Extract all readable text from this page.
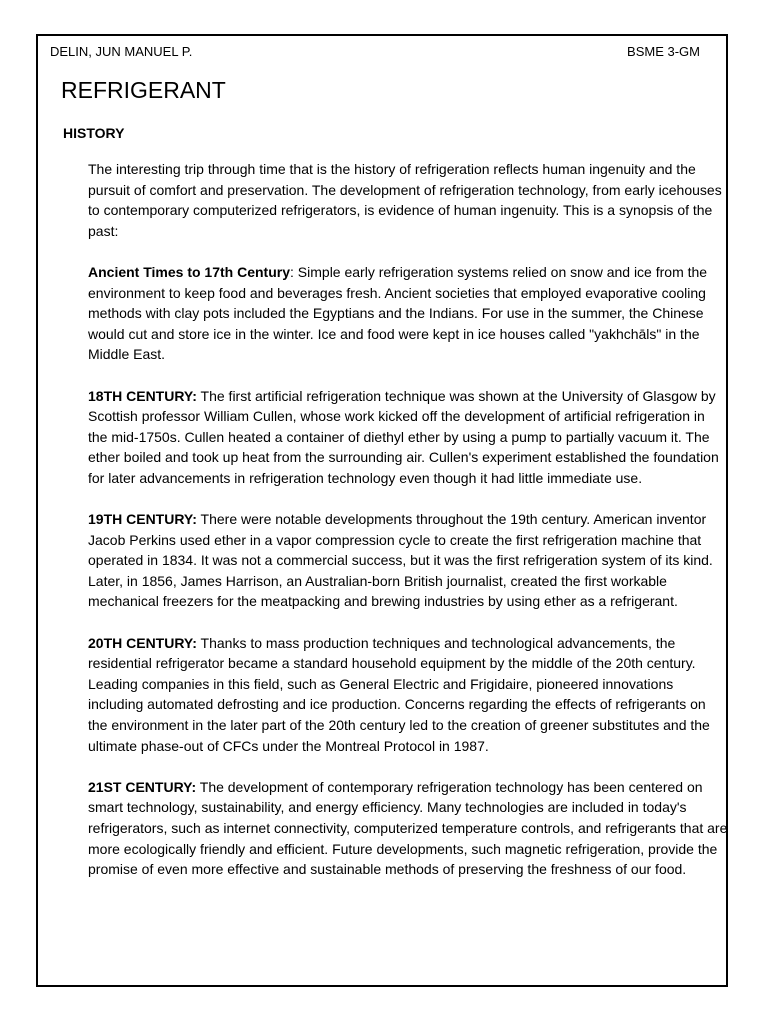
DELIN, JUN MANUEL P.	BSME 3-GM
REFRIGERANT
HISTORY

The interesting trip through time that is the history of refrigeration reflects human ingenuity and the pursuit of comfort and preservation. The development of refrigeration technology, from early icehouses to contemporary computerized refrigerators, is evidence of human ingenuity. This is a synopsis of the past:

Ancient Times to 17th Century: Simple early refrigeration systems relied on snow and ice from the environment to keep food and beverages fresh. Ancient societies that employed evaporative cooling methods with clay pots included the Egyptians and the Indians. For use in the summer, the Chinese would cut and store ice in the winter. Ice and food were kept in ice houses called "yakhchāls" in the Middle East.

18TH CENTURY: The first artificial refrigeration technique was shown at the University of Glasgow by Scottish professor William Cullen, whose work kicked off the development of artificial refrigeration in the mid-1750s. Cullen heated a container of diethyl ether by using a pump to partially vacuum it. The ether boiled and took up heat from the surrounding air. Cullen's experiment established the foundation for later advancements in refrigeration technology even though it had little immediate use.

19TH CENTURY: There were notable developments throughout the 19th century. American inventor Jacob Perkins used ether in a vapor compression cycle to create the first refrigeration machine that operated in 1834. It was not a commercial success, but it was the first refrigeration system of its kind. Later, in 1856, James Harrison, an Australian-born British journalist, created the first workable mechanical freezers for the meatpacking and brewing industries by using ether as a refrigerant.

20TH CENTURY: Thanks to mass production techniques and technological advancements, the residential refrigerator became a standard household equipment by the middle of the 20th century. Leading companies in this field, such as General Electric and Frigidaire, pioneered innovations including automated defrosting and ice production. Concerns regarding the effects of refrigerants on the environment in the later part of the 20th century led to the creation of greener substitutes and the ultimate phase-out of CFCs under the Montreal Protocol in 1987.

21ST CENTURY: The development of contemporary refrigeration technology has been centered on smart technology, sustainability, and energy efficiency. Many technologies are included in today's refrigerators, such as internet connectivity, computerized temperature controls, and refrigerants that are more ecologically friendly and efficient. Future developments, such magnetic refrigeration, provide the promise of even more effective and sustainable methods of preserving the freshness of our food.
